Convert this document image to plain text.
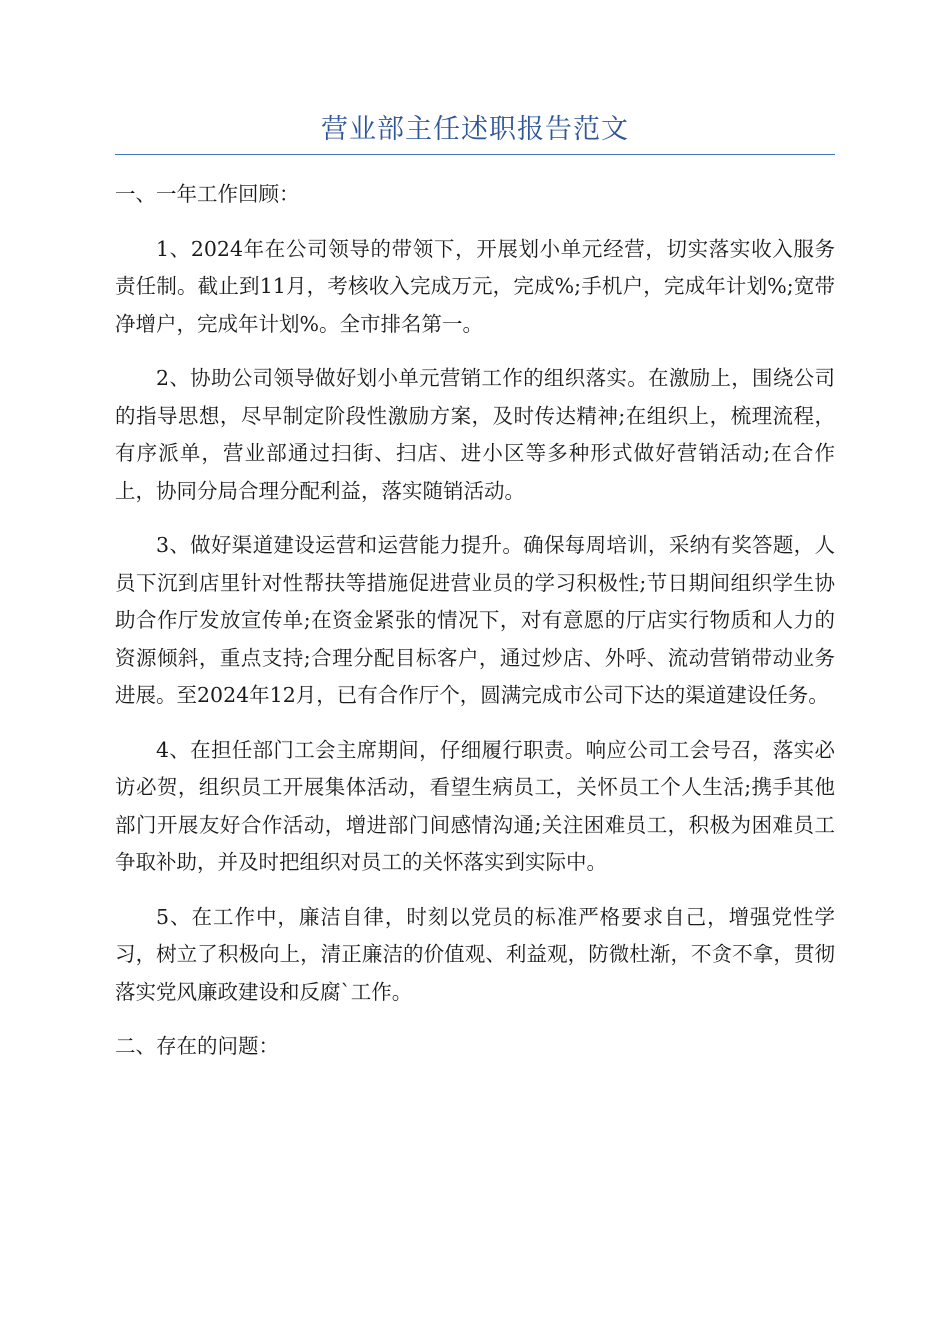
营业部主任述职报告范文

一、一年工作回顾：

1、2024年在公司领导的带领下，开展划小单元经营，切实落实收入服务责任制。截止到11月，考核收入完成万元，完成%;手机户，完成年计划%;宽带净增户，完成年计划%。全市排名第一。

2、协助公司领导做好划小单元营销工作的组织落实。在激励上，围绕公司的指导思想，尽早制定阶段性激励方案，及时传达精神;在组织上，梳理流程，有序派单，营业部通过扫街、扫店、进小区等多种形式做好营销活动;在合作上，协同分局合理分配利益，落实随销活动。

3、做好渠道建设运营和运营能力提升。确保每周培训，采纳有奖答题，人员下沉到店里针对性帮扶等措施促进营业员的学习积极性;节日期间组织学生协助合作厅发放宣传单;在资金紧张的情况下，对有意愿的厅店实行物质和人力的资源倾斜，重点支持;合理分配目标客户，通过炒店、外呼、流动营销带动业务进展。至2024年12月，已有合作厅个，圆满完成市公司下达的渠道建设任务。

4、在担任部门工会主席期间，仔细履行职责。响应公司工会号召，落实必访必贺，组织员工开展集体活动，看望生病员工，关怀员工个人生活;携手其他部门开展友好合作活动，增进部门间感情沟通;关注困难员工，积极为困难员工争取补助，并及时把组织对员工的关怀落实到实际中。

5、在工作中，廉洁自律，时刻以党员的标准严格要求自己，增强党性学习，树立了积极向上，清正廉洁的价值观、利益观，防微杜渐，不贪不拿，贯彻落实党风廉政建设和反腐`工作。

二、存在的问题：
